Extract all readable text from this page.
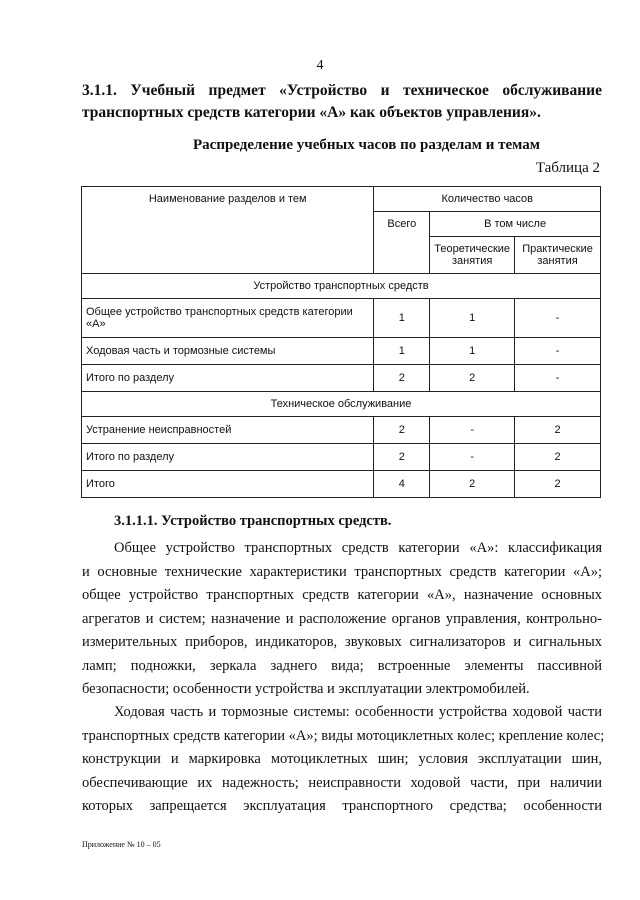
4
3.1.1. Учебный предмет «Устройство и техническое обслуживание
транспортных средств категории «А» как объектов управления».
Распределение учебных часов по разделам и темам
Таблица 2
Наименование разделов и тем	Количество часов		
	Всего	В том числе	
		Теоретические занятия	Практические занятия
Устройство транспортных средств			
Общее устройство транспортных средств категории «А»	1	1	-
Ходовая часть и тормозные системы	1	1	-
Итого по разделу	2	2	-
Техническое обслуживание			
Устранение неисправностей	2	-	2
Итого по разделу	2	-	2
Итого	4	2	2
3.1.1.1. Устройство транспортных средств.
Общее устройство транспортных средств категории «А»: классификация
и основные технические характеристики транспортных средств категории «А»;
общее устройство транспортных средств категории «А», назначение основных
агрегатов и систем; назначение и расположение органов управления, контрольно-
измерительных приборов, индикаторов, звуковых сигнализаторов и сигнальных
ламп; подножки, зеркала заднего вида; встроенные элементы пассивной
безопасности; особенности устройства и эксплуатации электромобилей.
Ходовая часть и тормозные системы: особенности устройства ходовой части
транспортных средств категории «А»; виды мотоциклетных колес; крепление колес;
конструкции и маркировка мотоциклетных шин; условия эксплуатации шин,
обеспечивающие их надежность; неисправности ходовой части, при наличии
которых запрещается эксплуатация транспортного средства; особенности
Приложение № 10 – 05
